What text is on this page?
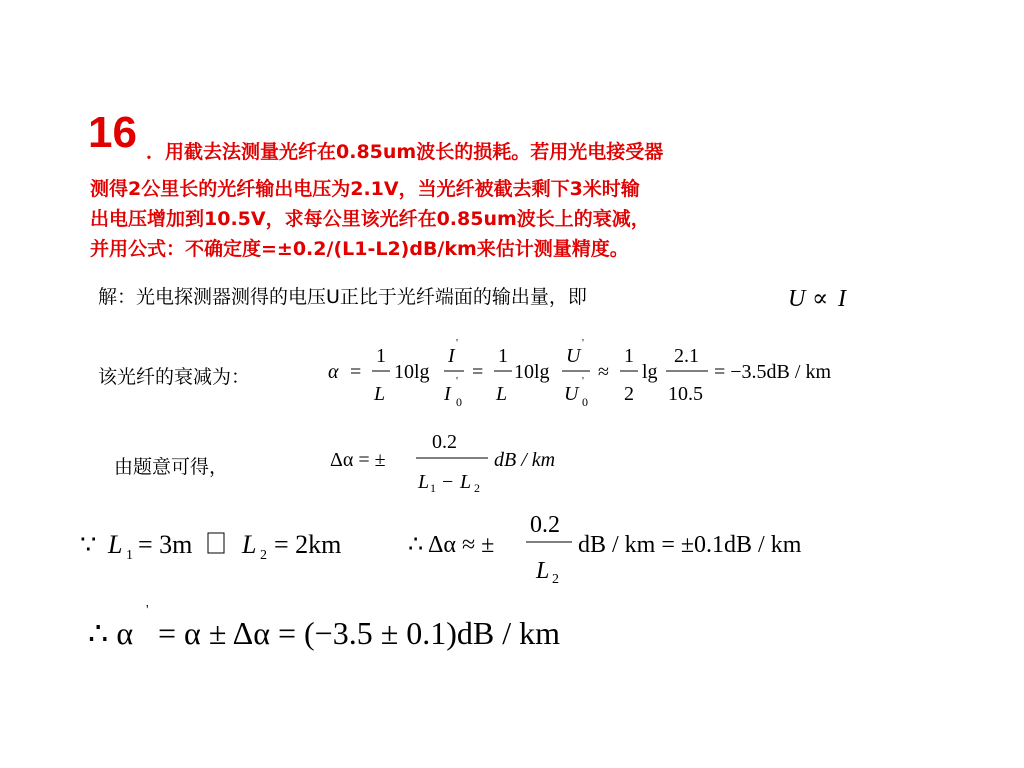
16 ．用截去法测量光纤在0.85um波长的损耗。若用光电接受器
测得2公里长的光纤输出电压为2.1V，当光纤被截去剩下3米时输
出电压增加到10.5V，求每公里该光纤在0.85um波长上的衰减，
并用公式：不确定度=±0.2/(L1-L2)dB/km来估计测量精度。
解：光电探测器测得的电压U正比于光纤端面的输出量，即
该光纤的衰减为：
由题意可得，
U ∝ I
α =
1
L
10lg
I
'
I
'
0
=
1
L
10lg
U
'
U
'
0
≈
1
2
lg
2.1
10.5
= −3.5dB / km
Δα = ±
0.2
L 1 − L 2
dB / km
∵ L 1 = 3m L 2 = 2km	∴ Δα ≈ ±
0.2
L 2
dB / km = ±0.1dB / km
∴ α
'
= α ± Δα = (−3.5 ± 0.1)dB / km
